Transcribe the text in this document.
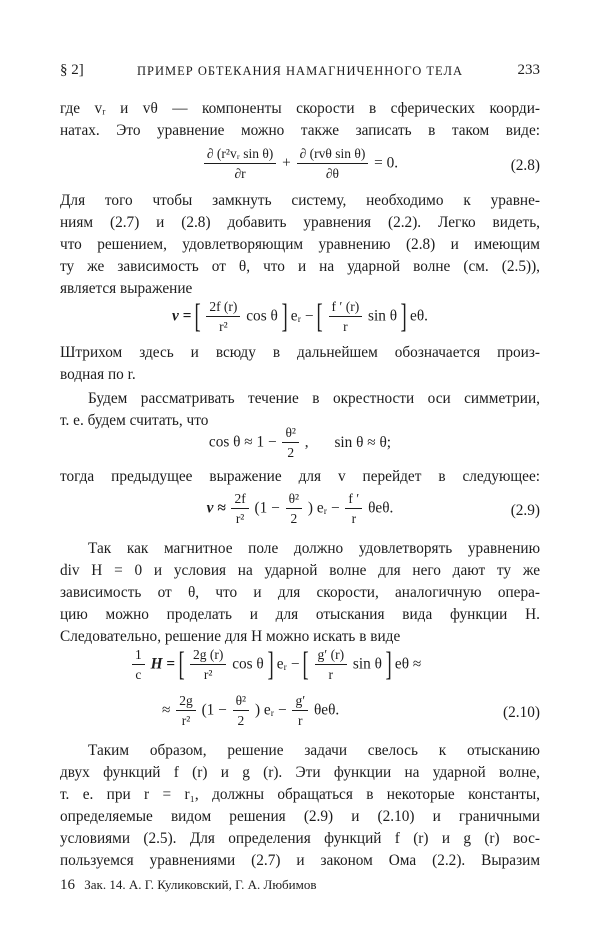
§ 2]	ПРИМЕР ОБТЕКАНИЯ НАМАГНИЧЕННОГО ТЕЛА	233
где vᵣ и vθ — компоненты скорости в сферических коорди-
натах. Это уравнение можно также записать в таком виде:
$\frac{\text{∂ (r²vᵣ sin θ)}}{\partial r}$ +
∂ (rvθ sin θ)
∂θ
= 0.	(2.8)
Для того чтобы замкнуть систему, необходимо к уравне-
ниям (2.7) и (2.8) добавить уравнения (2.2). Легко видеть,
что решением, удовлетворяющим уравнению (2.8) и имеющим
ту же зависимость от θ, что и на ударной волне (см. (2.5)),
является выражение
v = [ $\frac{2f (r)}{\text{r²}}$ cos θ ] eᵣ − [ $\frac{f ' (r)}{r}$ sin θ ] eθ.
Штрихом здесь и всюду в дальнейшем обозначается произ-
водная по r.
Будем рассматривать течение в окрестности оси симметрии,
т. е. будем считать, что
$\cos \theta \approx 1 - \frac{\text{θ²}}{2}$ , sin θ ≈ θ;
тогда предыдущее выражение для v перейдет в следующее:
$v \approx \frac{2f}{\text{r²}} (1 - \frac{\text{θ²}}{2}$ ) eᵣ − $\frac{f '}{r} \theta e\theta$.	(2.9)
Так как магнитное поле должно удовлетворять уравнению
div H = 0 и условия на ударной волне для него дают ту же
зависимость от θ, что и для скорости, аналогичную опера-
цию можно проделать и для отыскания вида функции H.
Следовательно, решение для H можно искать в виде
$\frac{1}{c}$ H = [ $\frac{2g (r)}{\text{r²}}$ cos θ ] eᵣ − [ $\frac{g' (r)}{r}$ sin θ ] eθ ≈
≈ $\frac{2g}{\text{r²}} (1 - \frac{\text{θ²}}{2}$ ) eᵣ − $\frac{g'}{r} \theta e\theta$.	(2.10)
Таким образом, решение задачи свелось к отысканию
двух функций f (r) и g (r). Эти функции на ударной волне,
т. е. при r = r₁, должны обращаться в некоторые константы,
определяемые видом решения (2.9) и (2.10) и граничными
условиями (2.5). Для определения функций f (r) и g (r) вос-
пользуемся уравнениями (2.7) и законом Ома (2.2). Выразим
16 Зак. 14. А. Г. Куликовский, Г. А. Любимов
